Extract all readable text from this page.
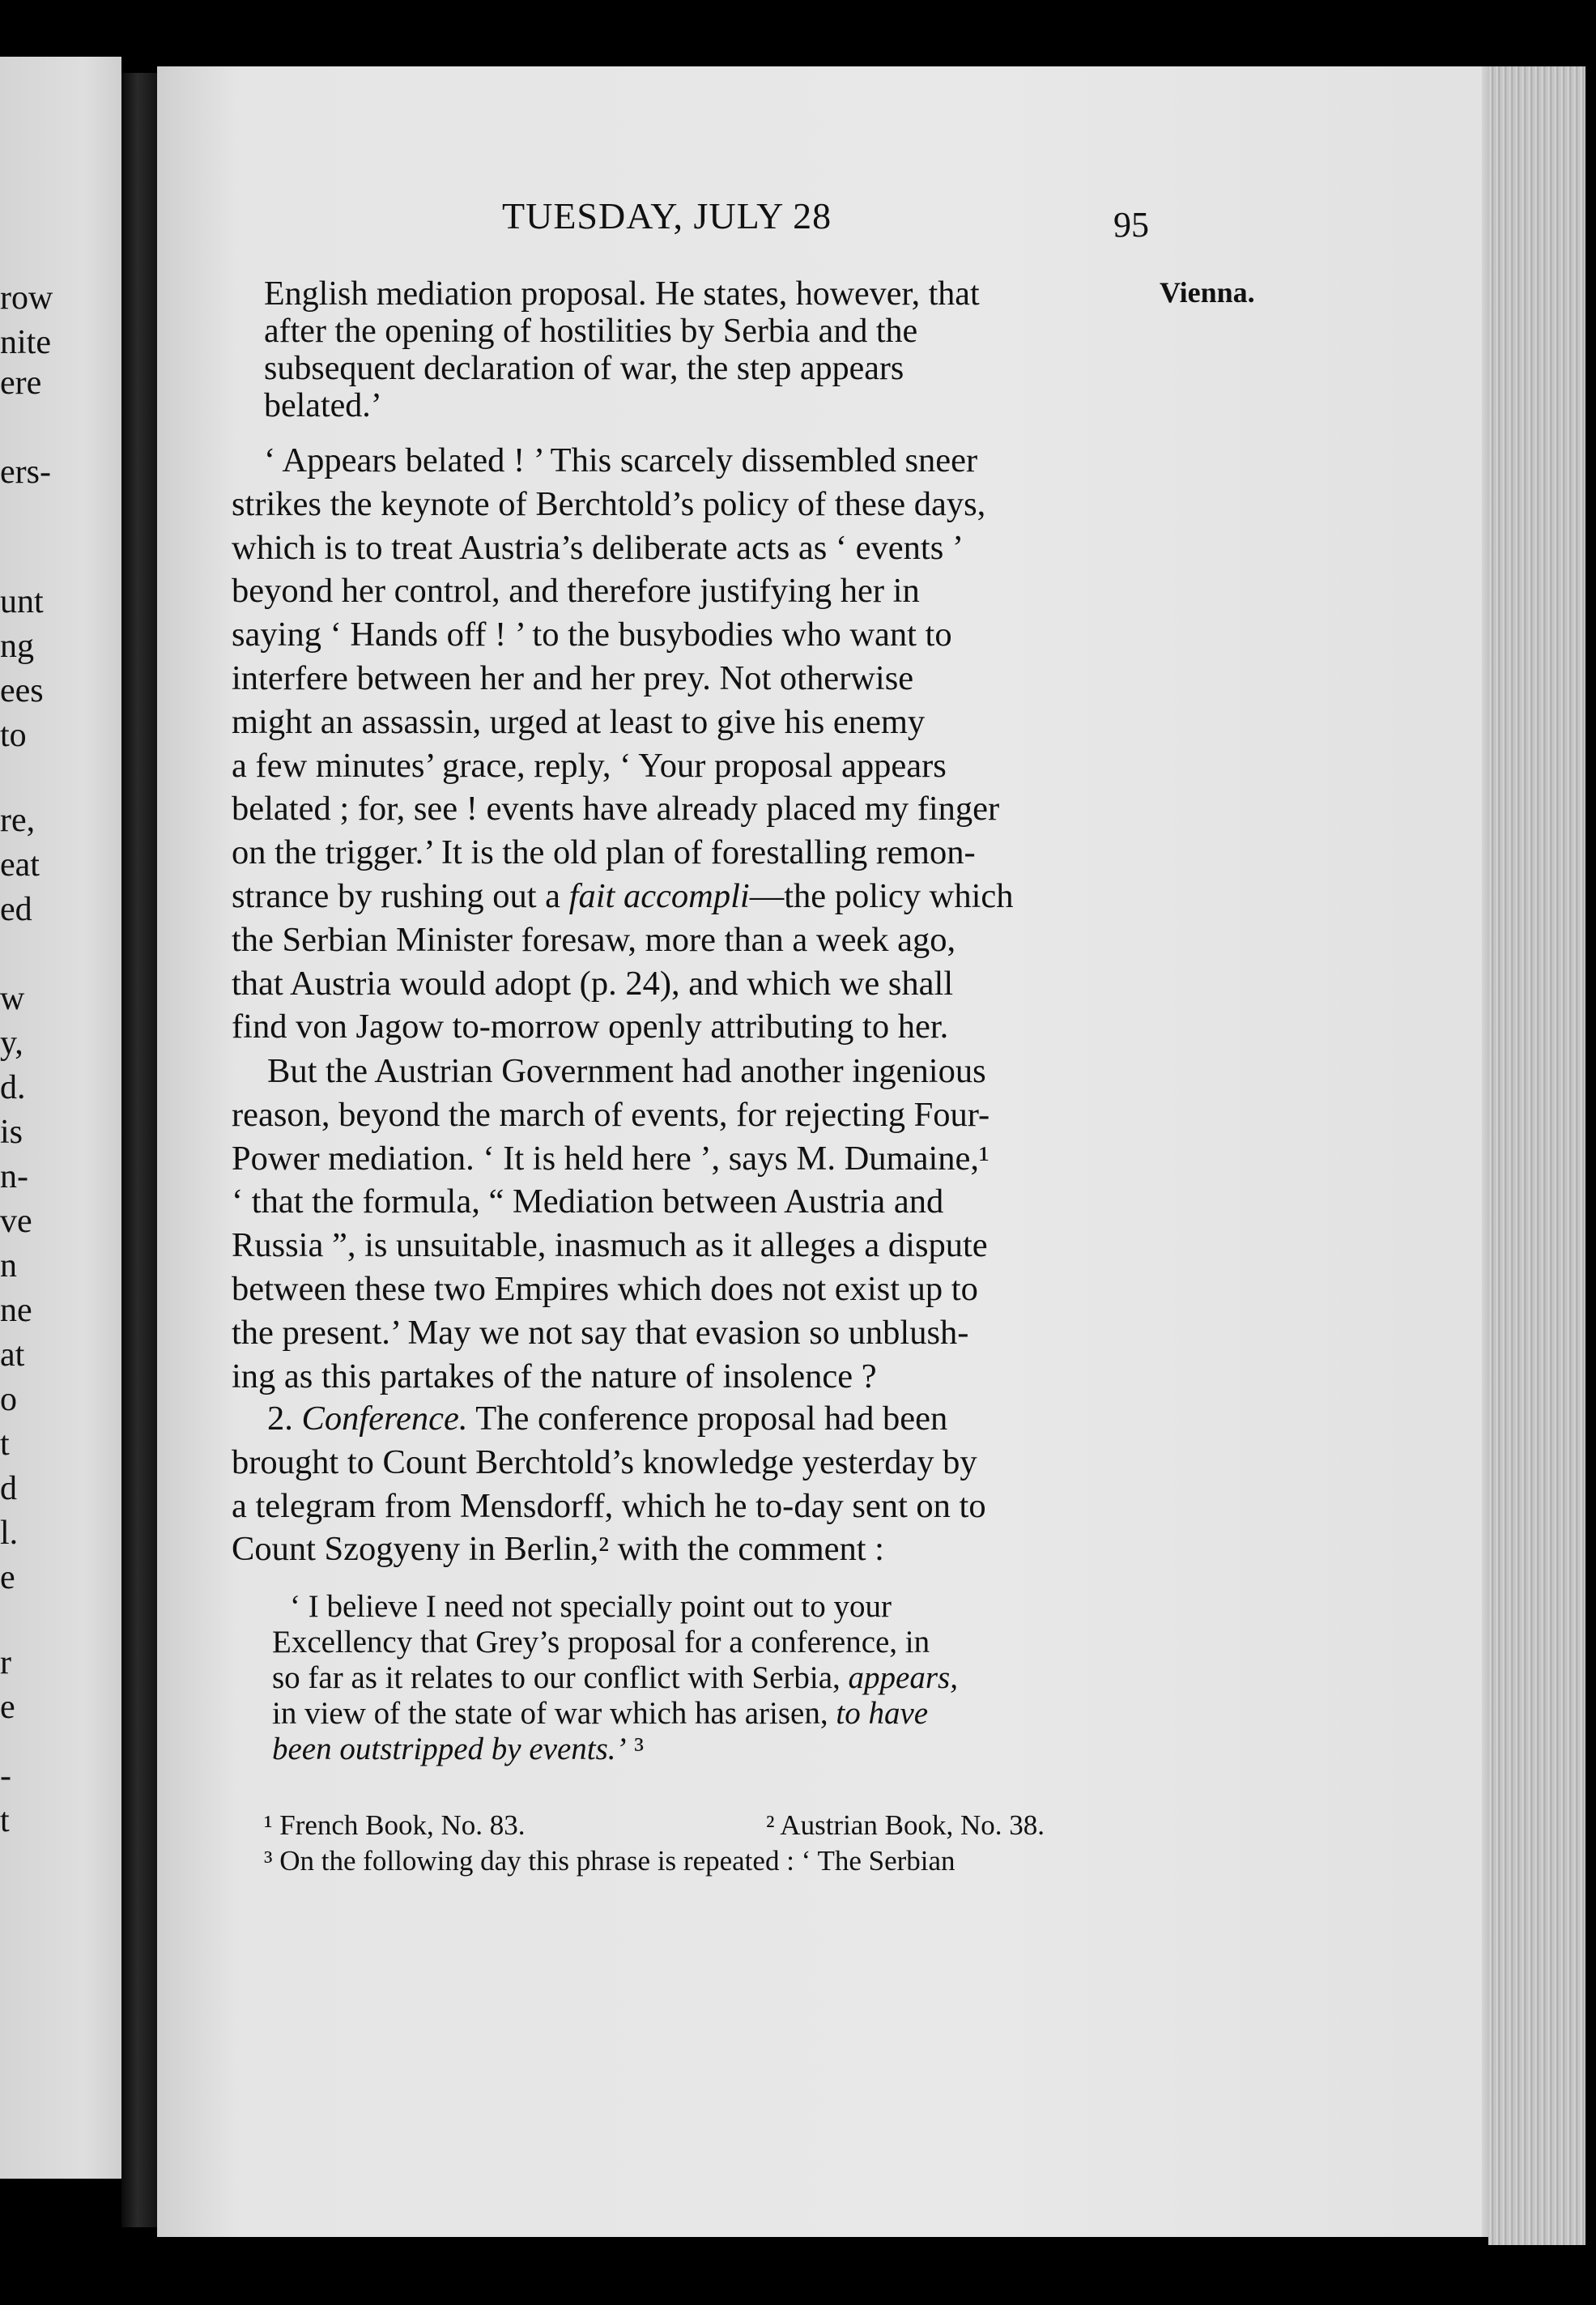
row
nite
ere
ers-
unt
ng
ees
to
re,
eat
ed
w
y,
d.
is
n-
ve
n
ne
at
o
t
d
l.
e
r
e
-
t
TUESDAY, JULY 28	95
Vienna.
English mediation proposal. He states, however, that
after the opening of hostilities by Serbia and the
subsequent declaration of war, the step appears
belated.’
‘ Appears belated ! ’ This scarcely dissembled sneer
strikes the keynote of Berchtold’s policy of these days,
which is to treat Austria’s deliberate acts as ‘ events ’
beyond her control, and therefore justifying her in
saying ‘ Hands off ! ’ to the busybodies who want to
interfere between her and her prey. Not otherwise
might an assassin, urged at least to give his enemy
a few minutes’ grace, reply, ‘ Your proposal appears
belated ; for, see ! events have already placed my finger
on the trigger.’ It is the old plan of forestalling remon-
strance by rushing out a fait accompli—the policy which
the Serbian Minister foresaw, more than a week ago,
that Austria would adopt (p. 24), and which we shall
find von Jagow to-morrow openly attributing to her.
But the Austrian Government had another ingenious
reason, beyond the march of events, for rejecting Four-
Power mediation. ‘ It is held here ’, says M. Dumaine,¹
‘ that the formula, “ Mediation between Austria and
Russia ”, is unsuitable, inasmuch as it alleges a dispute
between these two Empires which does not exist up to
the present.’ May we not say that evasion so unblush-
ing as this partakes of the nature of insolence ?
2. Conference. The conference proposal had been
brought to Count Berchtold’s knowledge yesterday by
a telegram from Mensdorff, which he to-day sent on to
Count Szogyeny in Berlin,² with the comment :
‘ I believe I need not specially point out to your
Excellency that Grey’s proposal for a conference, in
so far as it relates to our conflict with Serbia, appears,
in view of the state of war which has arisen, to have
been outstripped by events.’ ³
¹ French Book, No. 83.	² Austrian Book, No. 38.
³ On the following day this phrase is repeated : ‘ The Serbian
